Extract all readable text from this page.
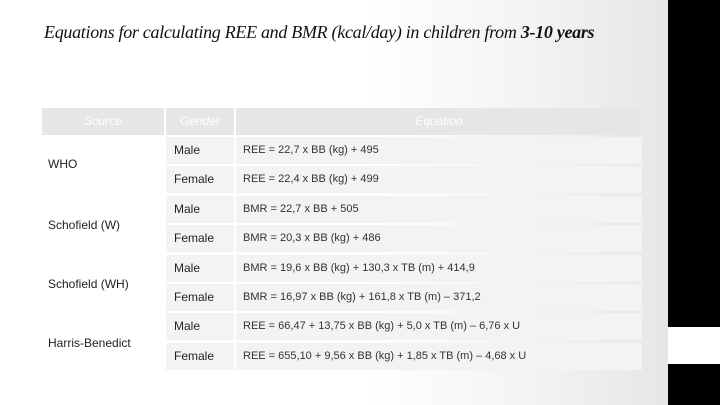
Equations for calculating REE and BMR (kcal/day) in children from 3-10 years
Source	Gender	Equation
WHO
Schofield (W)
Schofield (WH)
Harris-Benedict
Male
Female
Male
Female
Male
Female
Male
Female
REE = 22,7 x BB (kg) + 495
REE = 22,4 x BB (kg) + 499
BMR = 22,7 x BB + 505
BMR = 20,3 x BB (kg) + 486
BMR = 19,6 x BB (kg) + 130,3 x TB (m) + 414,9
BMR = 16,97 x BB (kg) + 161,8 x TB (m) – 371,2
REE = 66,47 + 13,75 x BB (kg) + 5,0 x TB (m) – 6,76 x U
REE = 655,10 + 9,56 x BB (kg) + 1,85 x TB (m) – 4,68 x U
